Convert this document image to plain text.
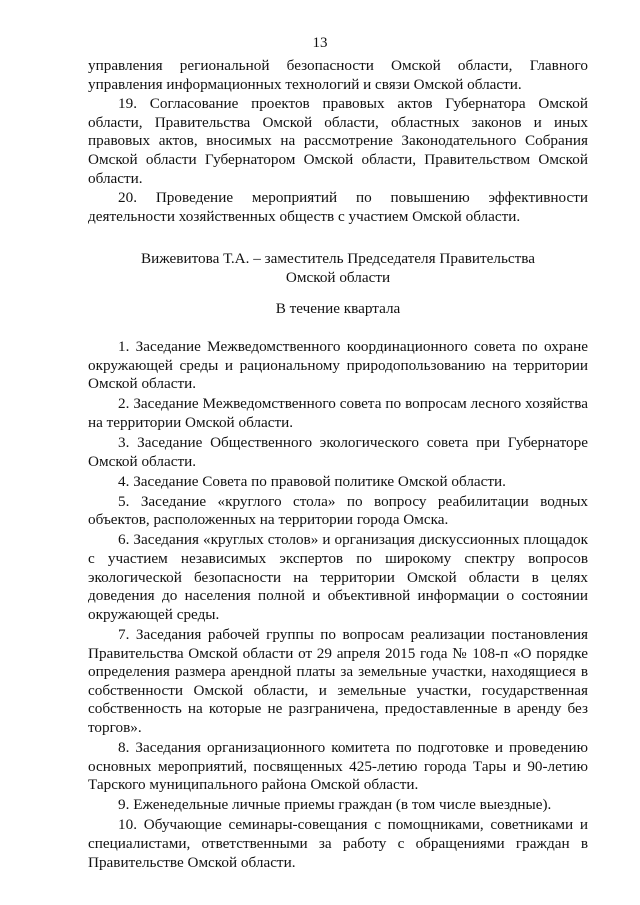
13

управления региональной безопасности Омской области, Главного управления информационных технологий и связи Омской области.

19. Согласование проектов правовых актов Губернатора Омской области, Правительства Омской области, областных законов и иных правовых актов, вносимых на рассмотрение Законодательного Собрания Омской области Губернатором Омской области, Правительством Омской области.

20. Проведение мероприятий по повышению эффективности деятельности хозяйственных обществ с участием Омской области.

Вижевитова Т.А. – заместитель Председателя Правительства
Омской области
В течение квартала

1. Заседание Межведомственного координационного совета по охране окружающей среды и рациональному природопользованию на территории Омской области.

2. Заседание Межведомственного совета по вопросам лесного хозяйства на территории Омской области.

3. Заседание Общественного экологического совета при Губернаторе Омской области.

4. Заседание Совета по правовой политике Омской области.

5. Заседание «круглого стола» по вопросу реабилитации водных объектов, расположенных на территории города Омска.

6. Заседания «круглых столов» и организация дискуссионных площадок с участием независимых экспертов по широкому спектру вопросов экологической безопасности на территории Омской области в целях доведения до населения полной и объективной информации о состоянии окружающей среды.

7. Заседания рабочей группы по вопросам реализации постановления Правительства Омской области от 29 апреля 2015 года № 108-п «О порядке определения размера арендной платы за земельные участки, находящиеся в собственности Омской области, и земельные участки, государственная собственность на которые не разграничена, предоставленные в аренду без торгов».

8. Заседания организационного комитета по подготовке и проведению основных мероприятий, посвященных 425-летию города Тары и 90-летию Тарского муниципального района Омской области.

9. Еженедельные личные приемы граждан (в том числе выездные).

10. Обучающие семинары-совещания с помощниками, советниками и специалистами, ответственными за работу с обращениями граждан в Правительстве Омской области.
